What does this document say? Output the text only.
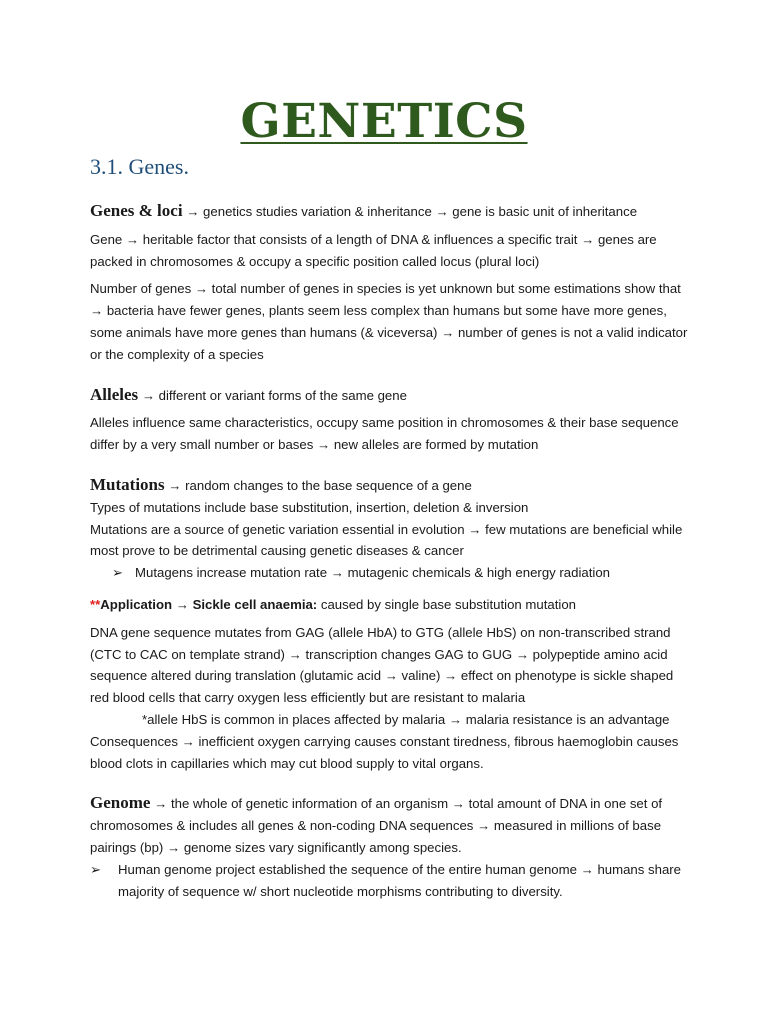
GENETICS
3.1. Genes.

Genes & loci → genetics studies variation & inheritance → gene is basic unit of inheritance

Gene → heritable factor that consists of a length of DNA & influences a specific trait → genes are packed in chromosomes & occupy a specific position called locus (plural loci)

Number of genes → total number of genes in species is yet unknown but some estimations show that → bacteria have fewer genes, plants seem less complex than humans but some have more genes, some animals have more genes than humans (& viceversa) → number of genes is not a valid indicator or the complexity of a species

Alleles → different or variant forms of the same gene

Alleles influence same characteristics, occupy same position in chromosomes & their base sequence differ by a very small number or bases → new alleles are formed by mutation

Mutations → random changes to the base sequence of a gene

Types of mutations include base substitution, insertion, deletion & inversion

Mutations are a source of genetic variation essential in evolution → few mutations are beneficial while most prove to be detrimental causing genetic diseases & cancer

➢ Mutagens increase mutation rate → mutagenic chemicals & high energy radiation

**Application → Sickle cell anaemia: caused by single base substitution mutation

DNA gene sequence mutates from GAG (allele HbA) to GTG (allele HbS) on non-transcribed strand (CTC to CAC on template strand) → transcription changes GAG to GUG → polypeptide amino acid sequence altered during translation (glutamic acid → valine) → effect on phenotype is sickle shaped red blood cells that carry oxygen less efficiently but are resistant to malaria

*allele HbS is common in places affected by malaria → malaria resistance is an advantage

Consequences → inefficient oxygen carrying causes constant tiredness, fibrous haemoglobin causes blood clots in capillaries which may cut blood supply to vital organs.

Genome → the whole of genetic information of an organism → total amount of DNA in one set of chromosomes & includes all genes & non-coding DNA sequences → measured in millions of base pairings (bp) → genome sizes vary significantly among species.

➢ Human genome project established the sequence of the entire human genome → humans share majority of sequence w/ short nucleotide morphisms contributing to diversity.
